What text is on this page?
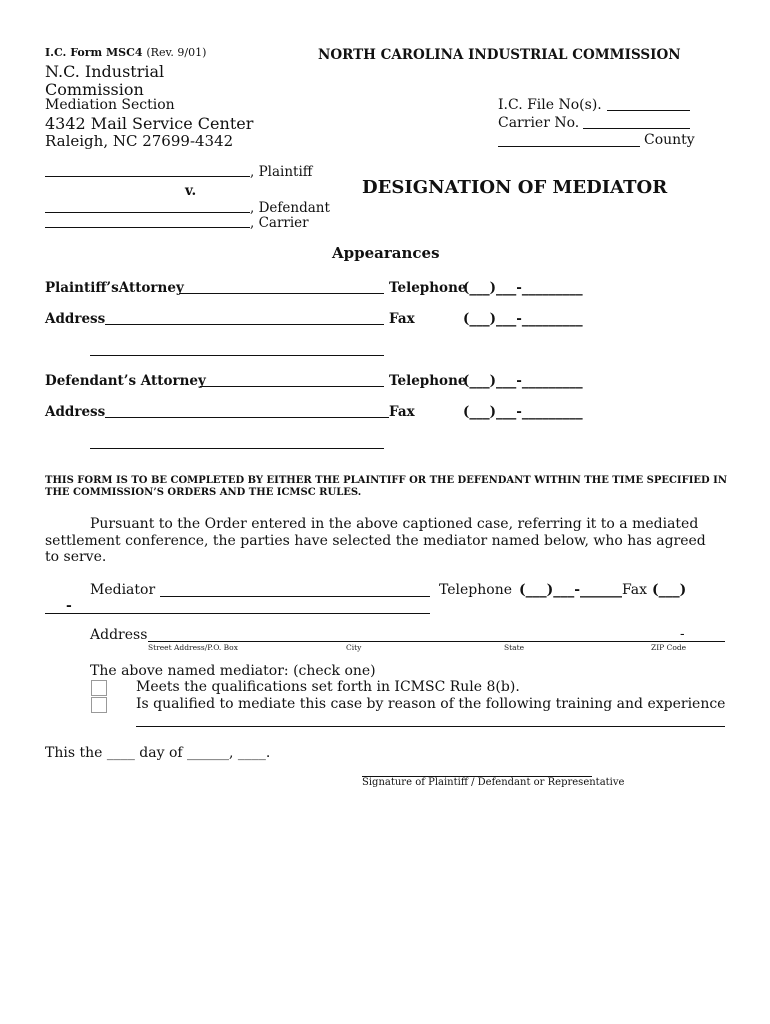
I.C. Form MSC4 (Rev. 9/01)	NORTH CAROLINA INDUSTRIAL COMMISSION
N.C. Industrial
Commission
Mediation Section
4342 Mail Service Center
Raleigh, NC 27699-4342
I.C. File No(s).
Carrier No.
County
, Plaintiff
v.
, Defendant
, Carrier
DESIGNATION OF MEDIATOR
Appearances
Plaintiff’sAttorney	Telephone
(___)___-_________
Address	Fax	(___)___-_________
Defendant’s Attorney	Telephone
(___)___-_________
Address	Fax	(___)___-_________
THIS FORM IS TO BE COMPLETED BY EITHER THE PLAINTIFF OR THE DEFENDANT WITHIN THE TIME SPECIFIED IN THE COMMISSION’S ORDERS AND THE ICMSC RULES.
Pursuant to the Order entered in the above captioned case, referring it to a mediated
settlement conference, the parties have selected the mediator named below, who has agreed
to serve.
Mediator	Telephone (___)___-______ Fax (___)
-
Address	-
Street Address/P.O. Box	City	State	ZIP Code
The above named mediator: (check one)
Meets the qualifications set forth in ICMSC Rule 8(b).
Is qualified to mediate this case by reason of the following training and experience
This the ____ day of ______, ____.
Signature of Plaintiff / Defendant or Representative
